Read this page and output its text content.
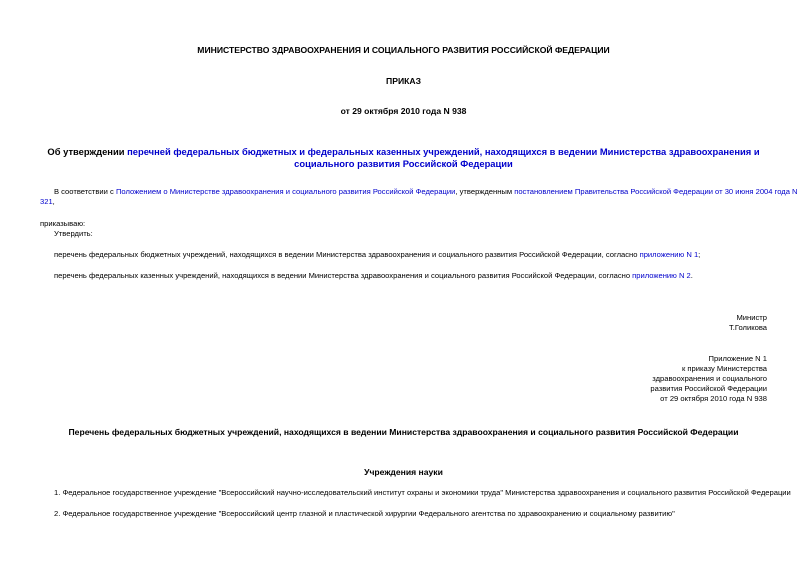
МИНИСТЕРСТВО ЗДРАВООХРАНЕНИЯ И СОЦИАЛЬНОГО РАЗВИТИЯ РОССИЙСКОЙ ФЕДЕРАЦИИ
ПРИКАЗ
от 29 октября 2010 года N 938
Об утверждении перечней федеральных бюджетных и федеральных казенных учреждений, находящихся в ведении Министерства здравоохранения и
социального развития Российской Федерации
В соответствии с Положением о Министерстве здравоохранения и социального развития Российской Федерации, утвержденным постановлением Правительства Российской Федерации от 30 июня 2004 года N
321,
приказываю:
Утвердить:
перечень федеральных бюджетных учреждений, находящихся в ведении Министерства здравоохранения и социального развития Российской Федерации, согласно приложению N 1;
перечень федеральных казенных учреждений, находящихся в ведении Министерства здравоохранения и социального развития Российской Федерации, согласно приложению N 2.
Министр
Т.Голикова
Приложение N 1
к приказу Министерства
здравоохранения и социального
развития Российской Федерации
от 29 октября 2010 года N 938
Перечень федеральных бюджетных учреждений, находящихся в ведении Министерства здравоохранения и социального развития Российской Федерации
Учреждения науки
1. Федеральное государственное учреждение "Всероссийский научно-исследовательский институт охраны и экономики труда" Министерства здравоохранения и социального развития Российской Федерации
2. Федеральное государственное учреждение "Всероссийский центр глазной и пластической хирургии Федерального агентства по здравоохранению и социальному развитию"
